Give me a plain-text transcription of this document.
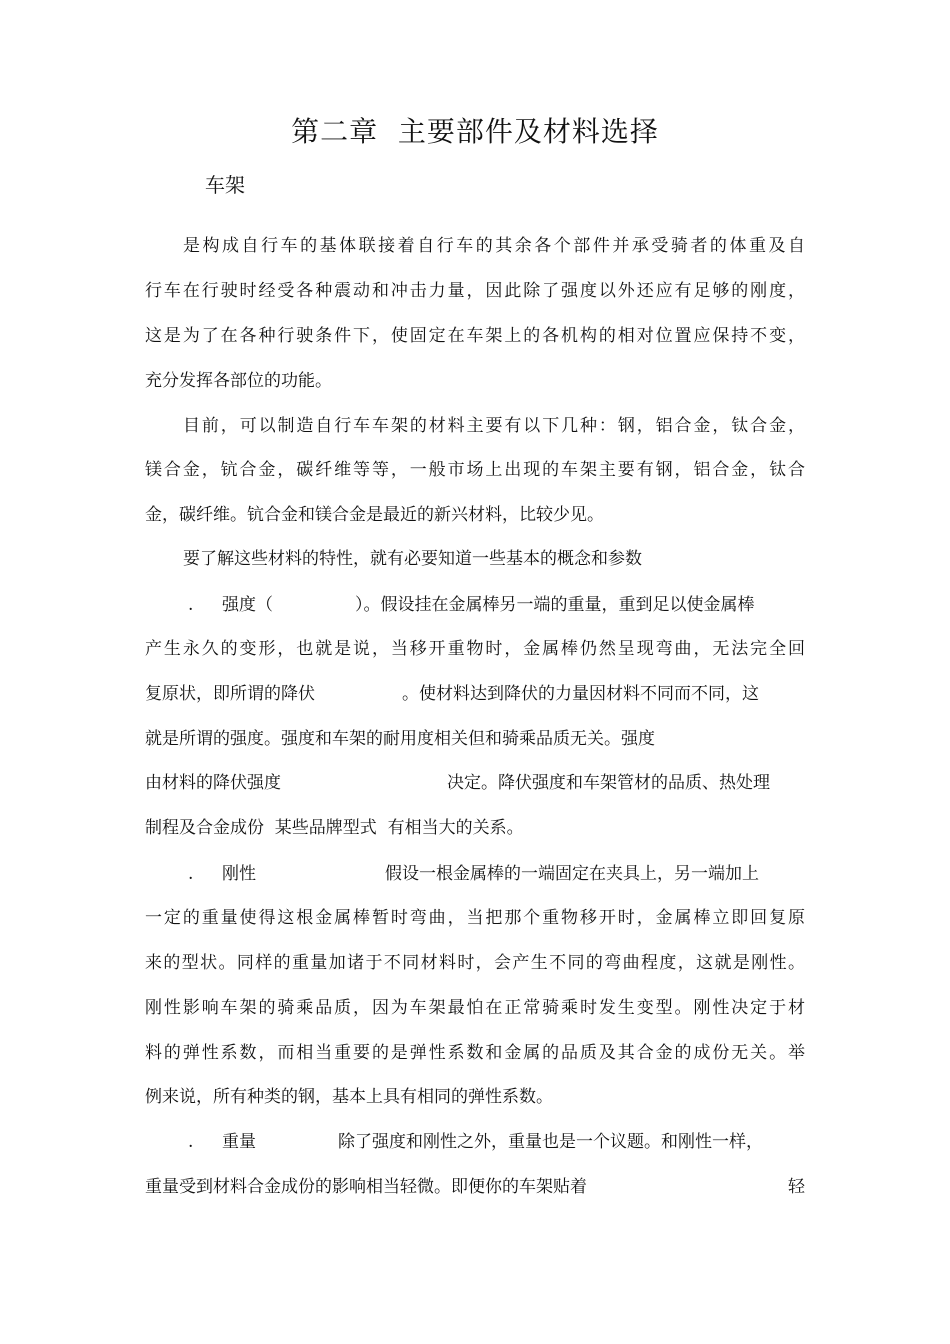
第二章  主要部件及材料选择
车架
是构成自行车的基体联接着自行车的其余各个部件并承受骑者的体重及自
行车在行驶时经受各种震动和冲击力量，因此除了强度以外还应有足够的刚度，
这是为了在各种行驶条件下，使固定在车架上的各机构的相对位置应保持不变，
充分发挥各部位的功能。
目前，可以制造自行车车架的材料主要有以下几种：钢，铝合金，钛合金，
镁合金，钪合金，碳纤维等等，一般市场上出现的车架主要有钢，铝合金，钛合
金，碳纤维。钪合金和镁合金是最近的新兴材料，比较少见。
要了解这些材料的特性，就有必要知道一些基本的概念和参数
. 强度（	）。假设挂在金属棒另一端的重量，重到足以使金属棒
产生永久的变形，也就是说，当移开重物时，金属棒仍然呈现弯曲，无法完全回
复原状，即所谓的降伏	。使材料达到降伏的力量因材料不同而不同，这
就是所谓的强度。强度和车架的耐用度相关但和骑乘品质无关。强度
由材料的降伏强度	决定。降伏强度和车架管材的品质、热处理
制程及合金成份  某些品牌型式  有相当大的关系。
. 刚性	假设一根金属棒的一端固定在夹具上，另一端加上
一定的重量使得这根金属棒暂时弯曲，当把那个重物移开时，金属棒立即回复原
来的型状。同样的重量加诸于不同材料时，会产生不同的弯曲程度，这就是刚性。
刚性影响车架的骑乘品质，因为车架最怕在正常骑乘时发生变型。刚性决定于材
料的弹性系数，而相当重要的是弹性系数和金属的品质及其合金的成份无关。举
例来说，所有种类的钢，基本上具有相同的弹性系数。
. 重量	除了强度和刚性之外，重量也是一个议题。和刚性一样，
重量受到材料合金成份的影响相当轻微。即便你的车架贴着	轻
